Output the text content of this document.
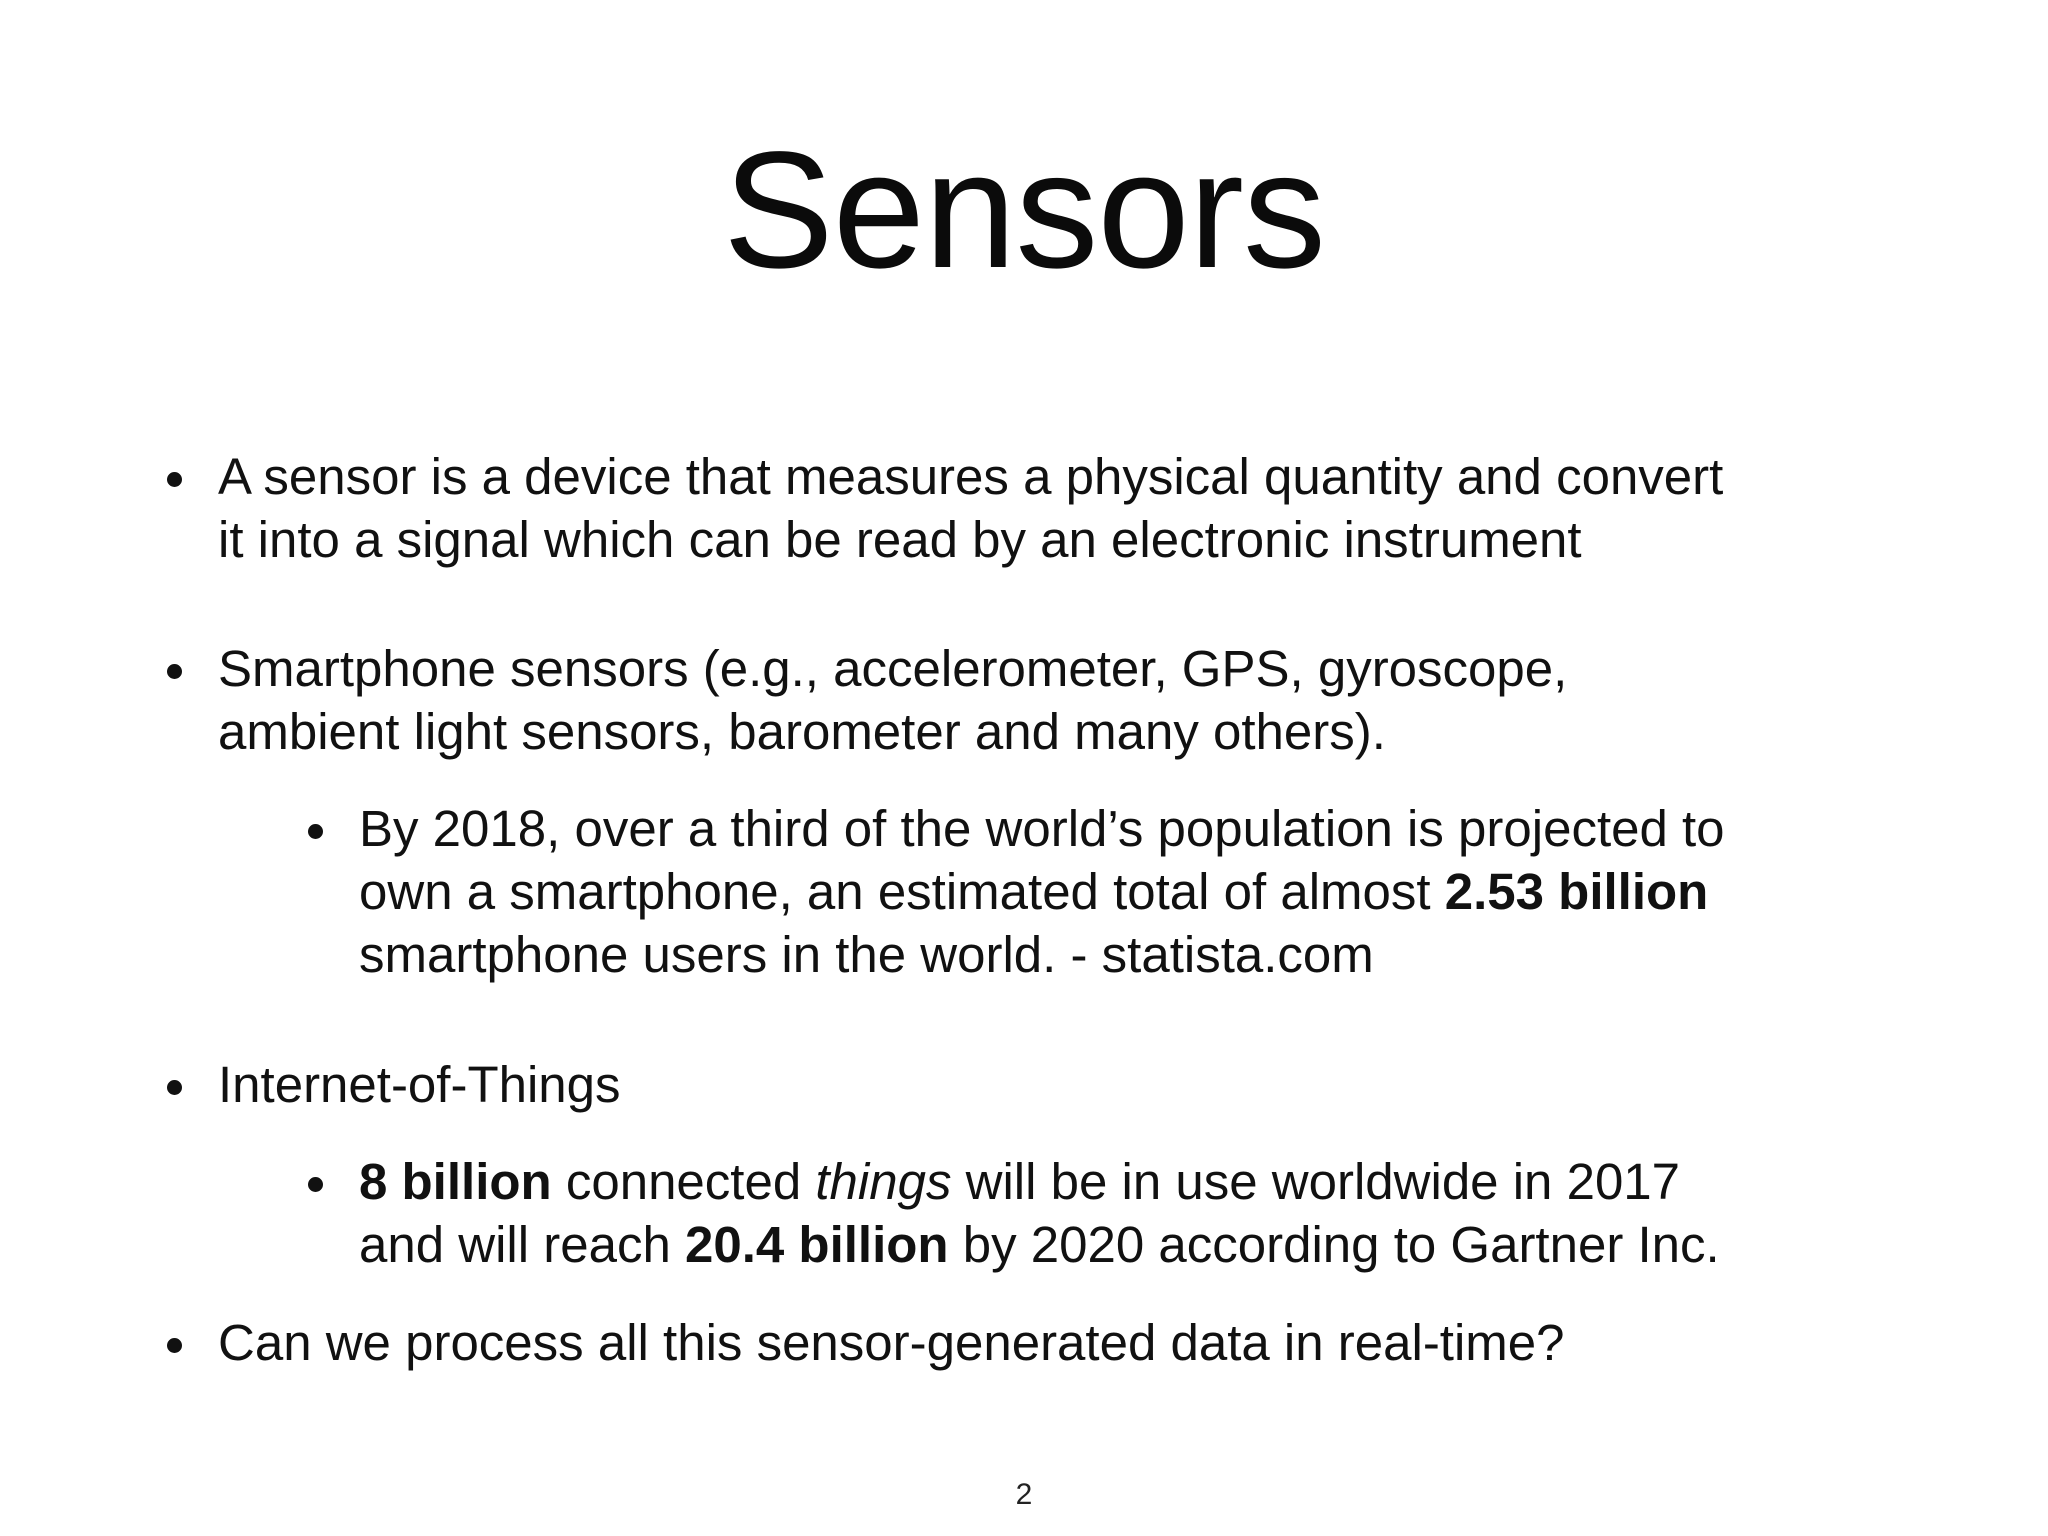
Sensors
A sensor is a device that measures a physical quantity and convert
it into a signal which can be read by an electronic instrument
Smartphone sensors (e.g., accelerometer, GPS, gyroscope,
ambient light sensors, barometer and many others).
By 2018, over a third of the world’s population is projected to
own a smartphone, an estimated total of almost 2.53 billion
smartphone users in the world. - statista.com
Internet-of-Things
8 billion connected things will be in use worldwide in 2017
and will reach 20.4 billion by 2020 according to Gartner Inc.
Can we process all this sensor-generated data in real-time?
2
